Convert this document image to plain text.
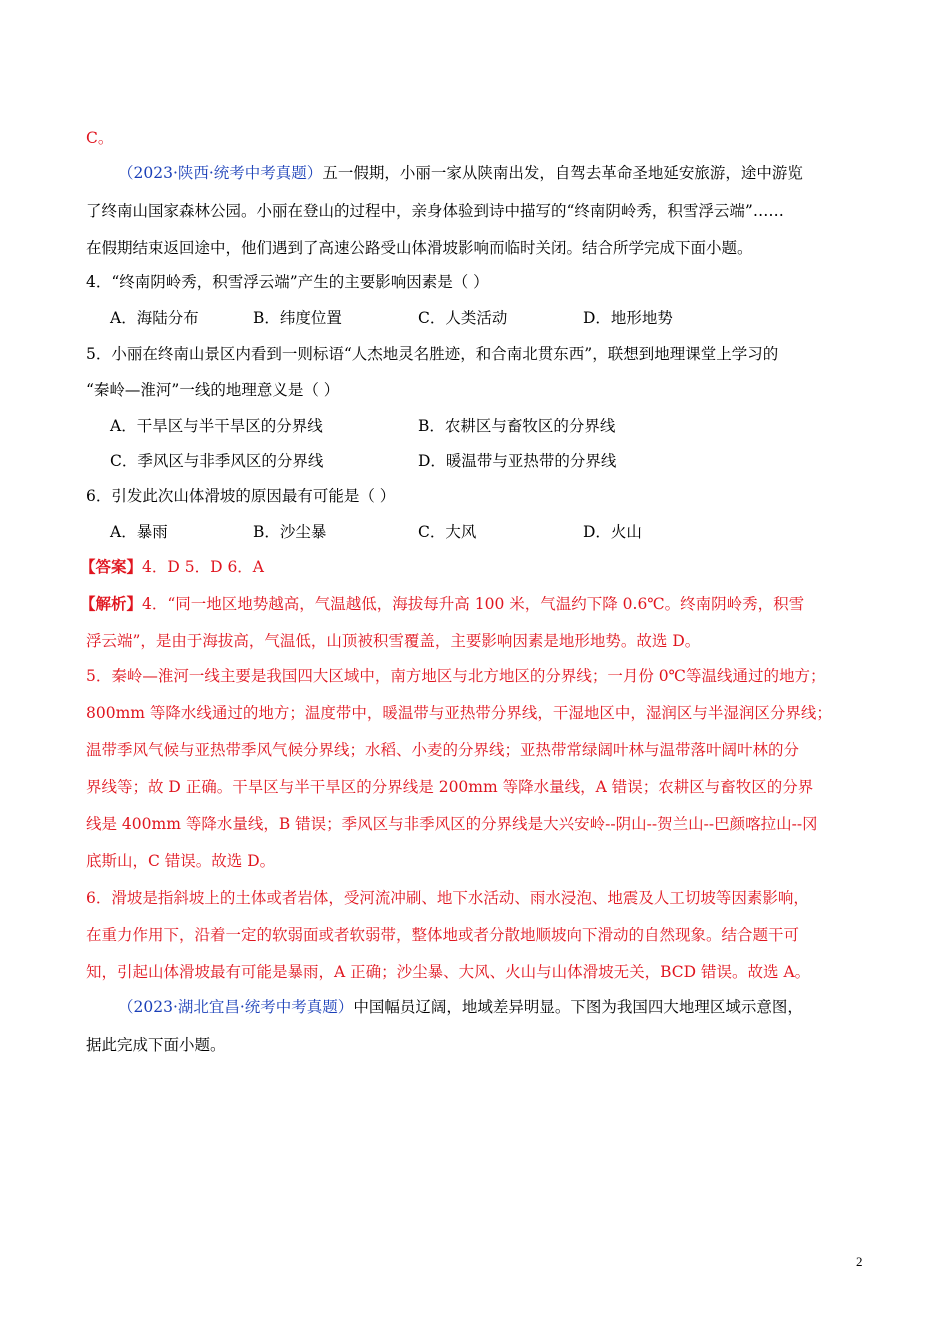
C。
（2023·陕西·统考中考真题）五一假期，小丽一家从陕南出发，自驾去革命圣地延安旅游，途中游览
了终南山国家森林公园。小丽在登山的过程中，亲身体验到诗中描写的“终南阴岭秀，积雪浮云端”……
在假期结束返回途中，他们遇到了高速公路受山体滑坡影响而临时关闭。结合所学完成下面小题。
4．“终南阴岭秀，积雪浮云端”产生的主要影响因素是（ ）
A．海陆分布	B．纬度位置	C．人类活动	D．地形地势
5．小丽在终南山景区内看到一则标语“人杰地灵名胜迹，和合南北贯东西”，联想到地理课堂上学习的
“秦岭—淮河”一线的地理意义是（ ）
A．干旱区与半干旱区的分界线	B．农耕区与畜牧区的分界线
C．季风区与非季风区的分界线	D．暖温带与亚热带的分界线
6．引发此次山体滑坡的原因最有可能是（ ）
A．暴雨	B．沙尘暴	C．大风	D．火山
【答案】4．D 5．D 6．A
【解析】4．“同一地区地势越高，气温越低，海拔每升高 100 米，气温约下降 0.6℃。终南阴岭秀，积雪
浮云端”，是由于海拔高，气温低，山顶被积雪覆盖，主要影响因素是地形地势。故选 D。
5．秦岭—淮河一线主要是我国四大区域中，南方地区与北方地区的分界线；一月份 0℃等温线通过的地方；
800mm 等降水线通过的地方；温度带中，暖温带与亚热带分界线，干湿地区中，湿润区与半湿润区分界线；
温带季风气候与亚热带季风气候分界线；水稻、小麦的分界线；亚热带常绿阔叶林与温带落叶阔叶林的分
界线等；故 D 正确。干旱区与半干旱区的分界线是 200mm 等降水量线，A 错误；农耕区与畜牧区的分界
线是 400mm 等降水量线，B 错误；季风区与非季风区的分界线是大兴安岭--阴山--贺兰山--巴颜喀拉山--冈
底斯山，C 错误。故选 D。
6．滑坡是指斜坡上的土体或者岩体，受河流冲刷、地下水活动、雨水浸泡、地震及人工切坡等因素影响，
在重力作用下，沿着一定的软弱面或者软弱带，整体地或者分散地顺坡向下滑动的自然现象。结合题干可
知，引起山体滑坡最有可能是暴雨，A 正确；沙尘暴、大风、火山与山体滑坡无关，BCD 错误。故选 A。
（2023·湖北宜昌·统考中考真题）中国幅员辽阔，地域差异明显。下图为我国四大地理区域示意图，
据此完成下面小题。
2
